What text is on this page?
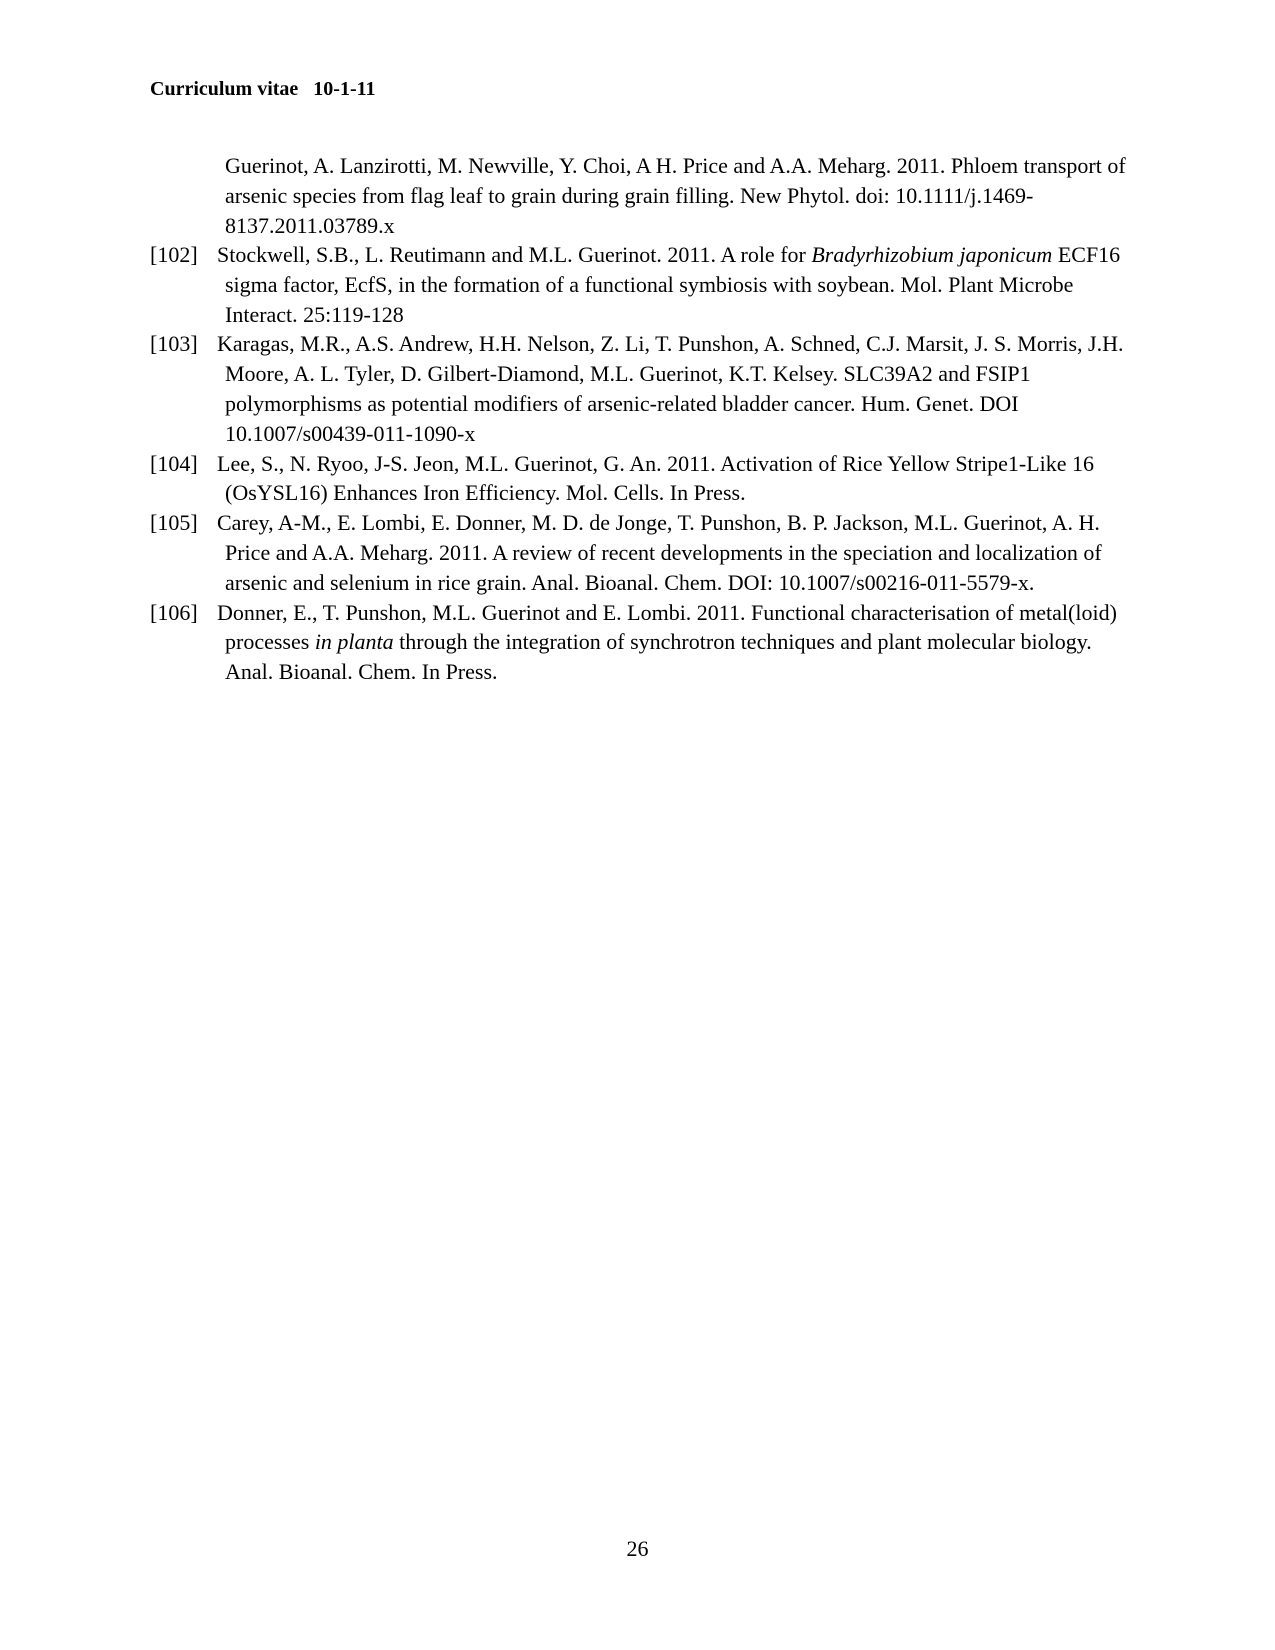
Curriculum vitae   10-1-11
Guerinot, A. Lanzirotti, M. Newville, Y. Choi, A H. Price and A.A. Meharg. 2011. Phloem transport of arsenic species from flag leaf to grain during grain filling. New Phytol. doi: 10.1111/j.1469-8137.2011.03789.x
[102] Stockwell, S.B., L. Reutimann and M.L. Guerinot. 2011. A role for Bradyrhizobium japonicum ECF16 sigma factor, EcfS, in the formation of a functional symbiosis with soybean. Mol. Plant Microbe Interact. 25:119-128
[103] Karagas, M.R., A.S. Andrew, H.H. Nelson, Z. Li, T. Punshon, A. Schned, C.J. Marsit, J. S. Morris, J.H. Moore, A. L. Tyler, D. Gilbert-Diamond, M.L. Guerinot, K.T. Kelsey. SLC39A2 and FSIP1 polymorphisms as potential modifiers of arsenic-related bladder cancer. Hum. Genet. DOI 10.1007/s00439-011-1090-x
[104] Lee, S., N. Ryoo, J-S. Jeon, M.L. Guerinot, G. An. 2011. Activation of Rice Yellow Stripe1-Like 16 (OsYSL16) Enhances Iron Efficiency. Mol. Cells. In Press.
[105] Carey, A-M., E. Lombi, E. Donner, M. D. de Jonge, T. Punshon, B. P. Jackson, M.L. Guerinot, A. H. Price and A.A. Meharg. 2011. A review of recent developments in the speciation and localization of arsenic and selenium in rice grain. Anal. Bioanal. Chem. DOI: 10.1007/s00216-011-5579-x.
[106] Donner, E., T. Punshon, M.L. Guerinot and E. Lombi. 2011. Functional characterisation of metal(loid) processes in planta through the integration of synchrotron techniques and plant molecular biology. Anal. Bioanal. Chem. In Press.
26
